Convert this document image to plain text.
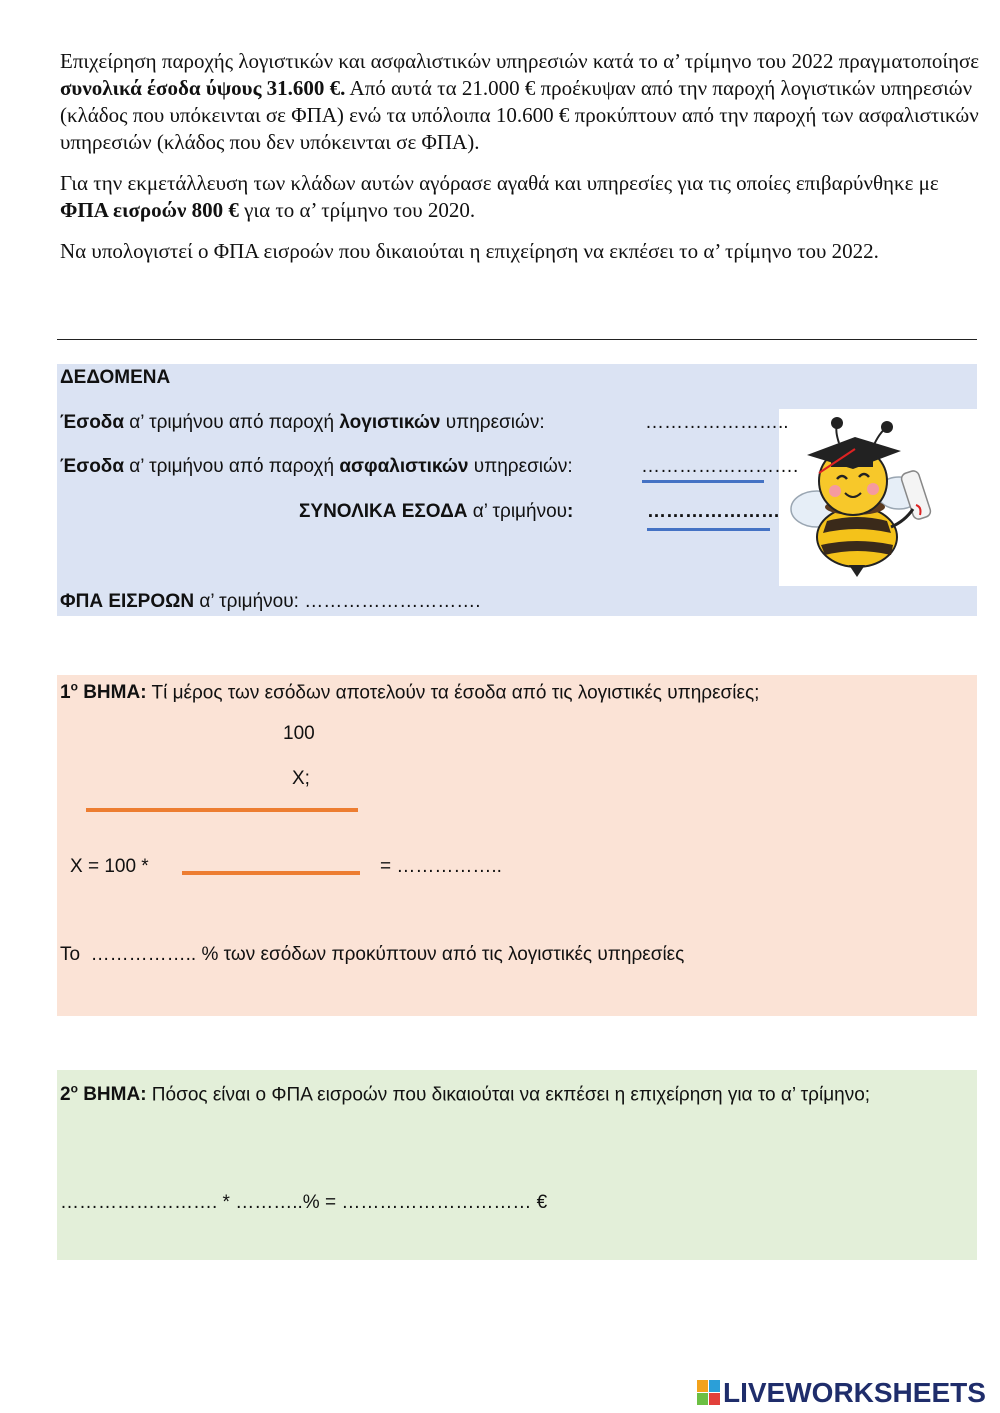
Επιχείρηση παροχής λογιστικών και ασφαλιστικών υπηρεσιών κατά το α’ τρίμηνο του 2022 πραγματοποίησε συνολικά έσοδα ύψους 31.600 €. Από αυτά τα 21.000 € προέκυψαν από την παροχή λογιστικών υπηρεσιών (κλάδος που υπόκεινται σε ΦΠΑ) ενώ τα υπόλοιπα 10.600 € προκύπτουν από την παροχή των ασφαλιστικών υπηρεσιών (κλάδος που δεν υπόκεινται σε ΦΠΑ).

Για την εκμετάλλευση των κλάδων αυτών αγόρασε αγαθά και υπηρεσίες για τις οποίες επιβαρύνθηκε με ΦΠΑ εισροών 800 € για το α’ τρίμηνο του 2020.

Να υπολογιστεί ο ΦΠΑ εισροών που δικαιούται η επιχείρηση να εκπέσει το α’ τρίμηνο του 2022.

ΔΕΔΟΜΕΝΑ
Έσοδα α’ τριμήνου από παροχή λογιστικών υπηρεσιών:	…………………..
Έσοδα α’ τριμήνου από παροχή ασφαλιστικών υπηρεσιών:	…………………….
ΣΥΝΟΛΙΚΑ ΕΣΟΔΑ α’ τριμήνου:	…………………
ΦΠΑ ΕΙΣΡΟΩΝ α’ τριμήνου: ……………………….
$1^o$ ΒΗΜΑ: Τί μέρος των εσόδων αποτελούν τα έσοδα από τις λογιστικές υπηρεσίες;
100
Χ;
Χ = 100 *	= ……………..
Το  …………….. % των εσόδων προκύπτουν από τις λογιστικές υπηρεσίες
$2^o$ ΒΗΜΑ: Πόσος είναι ο ΦΠΑ εισροών που δικαιούται να εκπέσει η επιχείρηση για το α’ τρίμηνο;
……………………. * ………..% = ………………………… €
LIVEWORKSHEETS
